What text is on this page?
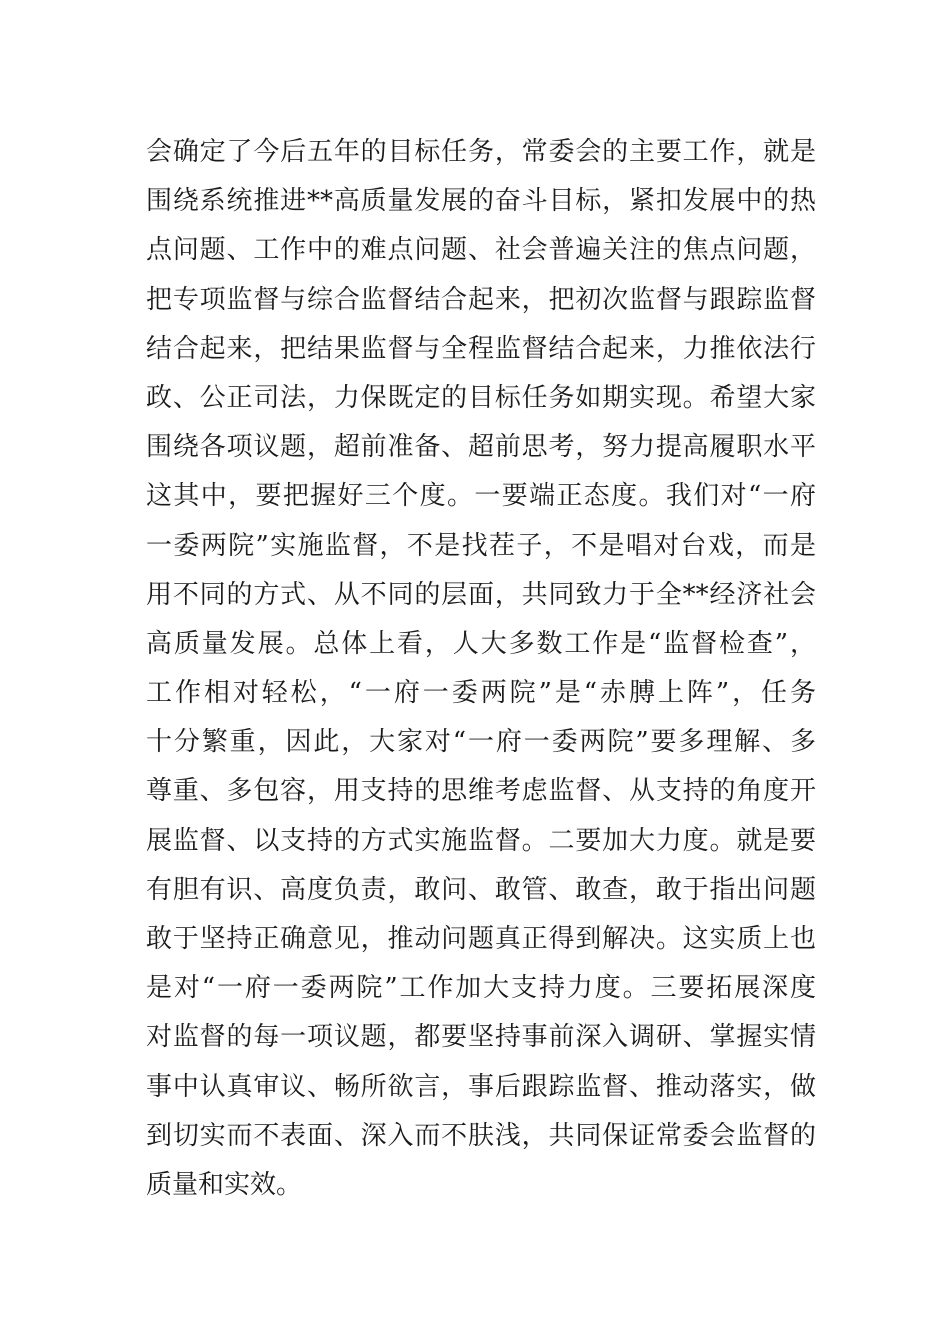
会确定了今后五年的目标任务，常委会的主要工作，就是
围绕系统推进**高质量发展的奋斗目标，紧扣发展中的热
点问题、工作中的难点问题、社会普遍关注的焦点问题，
把专项监督与综合监督结合起来，把初次监督与跟踪监督
结合起来，把结果监督与全程监督结合起来，力推依法行
政、公正司法，力保既定的目标任务如期实现。希望大家
围绕各项议题，超前准备、超前思考，努力提高履职水平
这其中，要把握好三个度。一要端正态度。我们对“一府
一委两院”实施监督，不是找茬子，不是唱对台戏，而是
用不同的方式、从不同的层面，共同致力于全**经济社会
高质量发展。总体上看，人大多数工作是“监督检查”，
工作相对轻松，“一府一委两院”是“赤膊上阵”，任务
十分繁重，因此，大家对“一府一委两院”要多理解、多
尊重、多包容，用支持的思维考虑监督、从支持的角度开
展监督、以支持的方式实施监督。二要加大力度。就是要
有胆有识、高度负责，敢问、敢管、敢查，敢于指出问题
敢于坚持正确意见，推动问题真正得到解决。这实质上也
是对“一府一委两院”工作加大支持力度。三要拓展深度
对监督的每一项议题，都要坚持事前深入调研、掌握实情
事中认真审议、畅所欲言，事后跟踪监督、推动落实，做
到切实而不表面、深入而不肤浅，共同保证常委会监督的
质量和实效。
